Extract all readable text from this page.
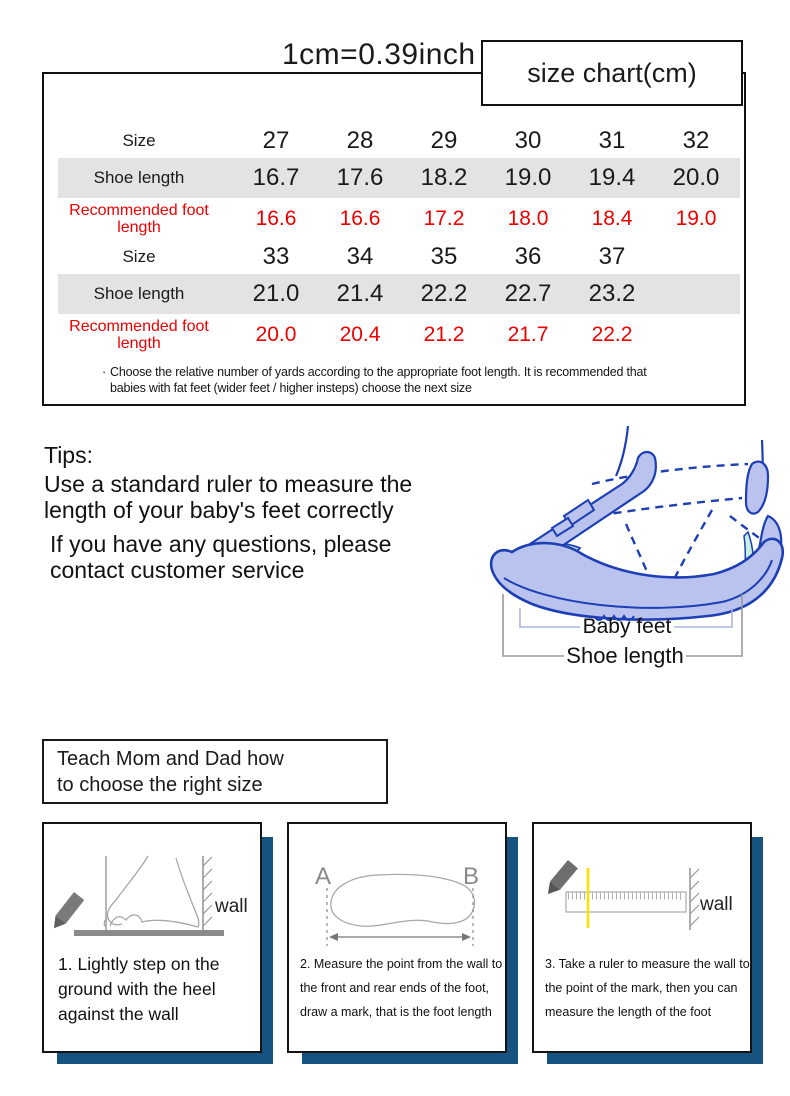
1cm=0.39inch
size chart(cm)
Size	27	28	29	30	31	32
Shoe length	16.7	17.6	18.2	19.0	19.4	20.0
Recommended foot length	16.6	16.6	17.2	18.0	18.4	19.0
Size	33	34	35	36	37
Shoe length	21.0	21.4	22.2	22.7	23.2
Recommended foot length	20.0	20.4	21.2	21.7	22.2
· Choose the relative number of yards according to the appropriate foot length. It is recommended that
babies with fat feet (wider feet / higher insteps) choose the next size
Tips:
Use a standard ruler to measure the
length of your baby's feet correctly
If you have any questions, please
contact customer service
Baby feet
Shoe length
Teach Mom and Dad how
to choose the right size
wall
1. Lightly step on the
ground with the heel
against the wall
A	B
2. Measure the point from the wall to
the front and rear ends of the foot,
draw a mark, that is the foot length
wall
3. Take a ruler to measure the wall to
the point of the mark, then you can
measure the length of the foot
